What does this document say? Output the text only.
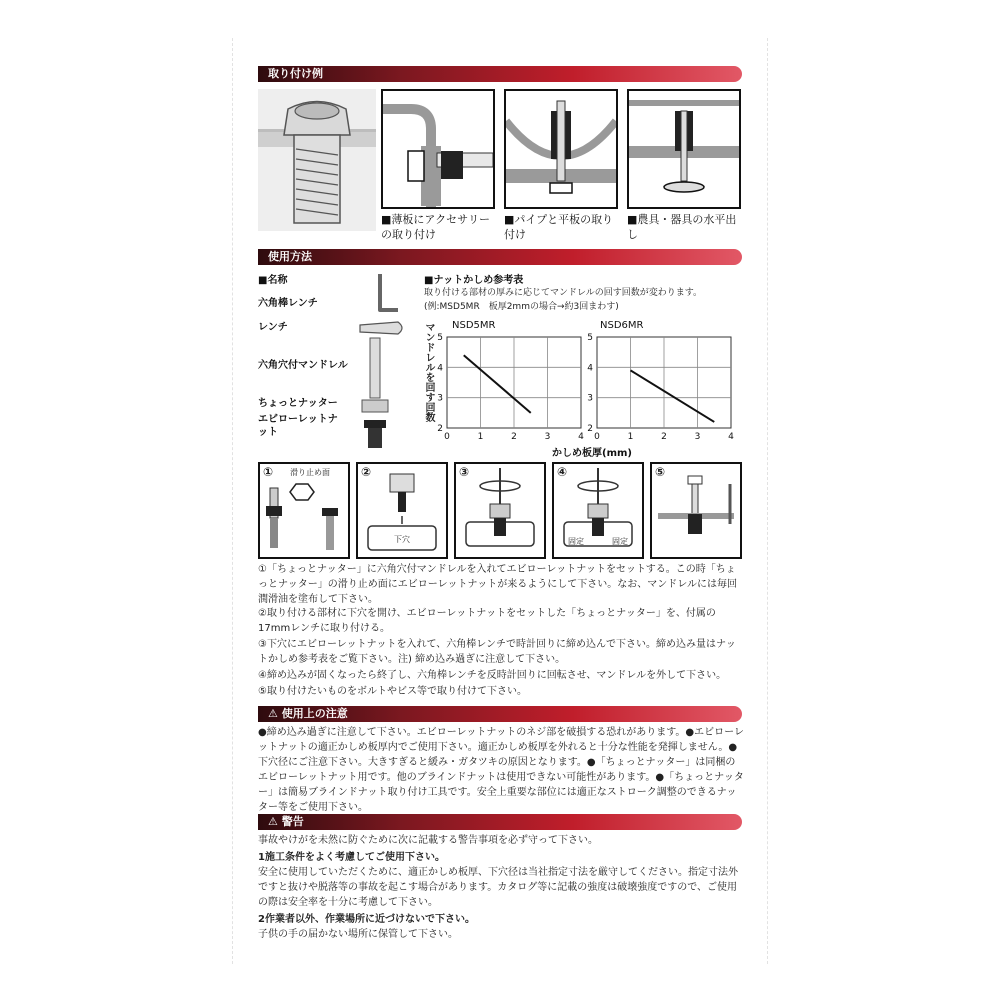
取り付け例
■薄板にアクセサリーの取り付け
■パイプと平板の取り付け
■農具・器具の水平出し
使用方法
■名称
六角棒レンチ
レンチ
六角穴付マンドレル
ちょっとナッター
エビローレットナット
■ナットかしめ参考表
取り付ける部材の厚みに応じてマンドレルの回す回数が変わります。
(例:MSD5MR　板厚2mmの場合→約3回まわす)
NSD5MR	NSD6MR
マンドレルを回す回数
0	1	2	3	4
2
3
4
5
0	1	2	3	4
2
3
4
5
かしめ板厚(mm)
① 滑り止め面	②
下穴
③	④
固定	固定
⑤
①「ちょっとナッター」に六角穴付マンドレルを入れてエビローレットナットをセットする。この時「ちょっとナッター」の滑り止め面にエビローレットナットが来るようにして下さい。なお、マンドレルには毎回潤滑油を塗布して下さい。
②取り付ける部材に下穴を開け、エビローレットナットをセットした「ちょっとナッター」を、付属の17mmレンチに取り付ける。
③下穴にエビローレットナットを入れて、六角棒レンチで時計回りに締め込んで下さい。締め込み量はナットかしめ参考表をご覧下さい。注) 締め込み過ぎに注意して下さい。
④締め込みが固くなったら終了し、六角棒レンチを反時計回りに回転させ、マンドレルを外して下さい。
⑤取り付けたいものをボルトやビス等で取り付けて下さい。
⚠ 使用上の注意
●締め込み過ぎに注意して下さい。エビローレットナットのネジ部を破損する恐れがあります。●エビローレットナットの適正かしめ板厚内でご使用下さい。適正かしめ板厚を外れると十分な性能を発揮しません。●下穴径にご注意下さい。大きすぎると緩み・ガタツキの原因となります。●「ちょっとナッター」は同梱のエビローレットナット用です。他のブラインドナットは使用できない可能性があります。●「ちょっとナッター」は簡易ブラインドナット取り付け工具です。安全上重要な部位には適正なストローク調整のできるナッター等をご使用下さい。
⚠ 警告
事故やけがを未然に防ぐために次に記載する警告事項を必ず守って下さい。
1施工条件をよく考慮してご使用下さい。
安全に使用していただくために、適正かしめ板厚、下穴径は当社指定寸法を厳守してください。指定寸法外ですと抜けや脱落等の事故を起こす場合があります。カタログ等に記載の強度は破壊強度ですので、ご使用の際は安全率を十分に考慮して下さい。
2作業者以外、作業場所に近づけないで下さい。
子供の手の届かない場所に保管して下さい。
